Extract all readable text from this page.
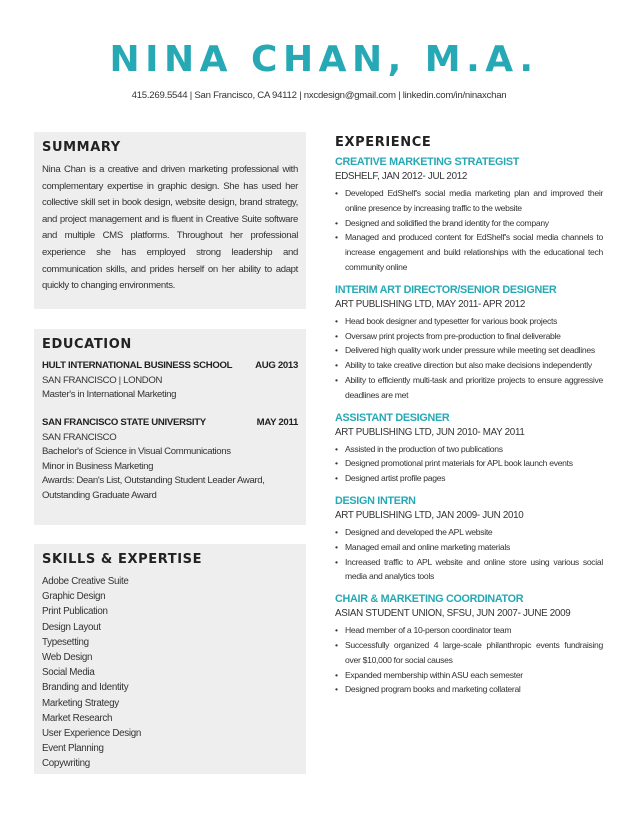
NINA CHAN, M.A.
415.269.5544 | San Francisco, CA 94112 | nxcdesign@gmail.com | linkedin.com/in/ninaxchan
SUMMARY
Nina Chan is a creative and driven marketing professional with complementary expertise in graphic design. She has used her collective skill set in book design, website design, brand strategy, and project management and is fluent in Creative Suite software and multiple CMS platforms. Throughout her professional experience she has employed strong leadership and communication skills, and prides herself on her ability to adapt quickly to changing environments.
EDUCATION
HULT INTERNATIONAL BUSINESS SCHOOL AUG 2013
SAN FRANCISCO | LONDON
Master's in International Marketing
SAN FRANCISCO STATE UNIVERSITY	MAY 2011
SAN FRANCISCO
Bachelor's of Science in Visual Communications
Minor in Business Marketing
Awards: Dean's List, Outstanding Student Leader Award,
Outstanding Graduate Award
SKILLS & EXPERTISE
Adobe Creative Suite
Graphic Design
Print Publication
Design Layout
Typesetting
Web Design
Social Media
Branding and Identity
Marketing Strategy
Market Research
User Experience Design
Event Planning
Copywriting
EXPERIENCE
CREATIVE MARKETING STRATEGIST
EDSHELF, JAN 2012- JUL 2012
• Developed EdShelf's social media marketing plan and improved their online presence by increasing traffic to the website
• Designed and solidified the brand identity for the company
• Managed and produced content for EdShelf's social media channels to increase engagement and build relationships with the educational tech community online
INTERIM ART DIRECTOR/SENIOR DESIGNER
ART PUBLISHING LTD, MAY 2011- APR 2012
• Head book designer and typesetter for various book projects
• Oversaw print projects from pre-production to final deliverable
• Delivered high quality work under pressure while meeting set deadlines
• Ability to take creative direction but also make decisions independently
• Ability to efficiently multi-task and prioritize projects to ensure aggressive deadlines are met
ASSISTANT DESIGNER
ART PUBLISHING LTD, JUN 2010- MAY 2011
• Assisted in the production of two publications
• Designed promotional print materials for APL book launch events
• Designed artist profile pages
DESIGN INTERN
ART PUBLISHING LTD, JAN 2009- JUN 2010
• Designed and developed the APL website
• Managed email and online marketing materials
• Increased traffic to APL website and online store using various social media and analytics tools
CHAIR & MARKETING COORDINATOR
ASIAN STUDENT UNION, SFSU, JUN 2007- JUNE 2009
• Head member of a 10-person coordinator team
• Successfully organized 4 large-scale philanthropic events fundraising over $10,000 for social causes
• Expanded membership within ASU each semester
• Designed program books and marketing collateral
